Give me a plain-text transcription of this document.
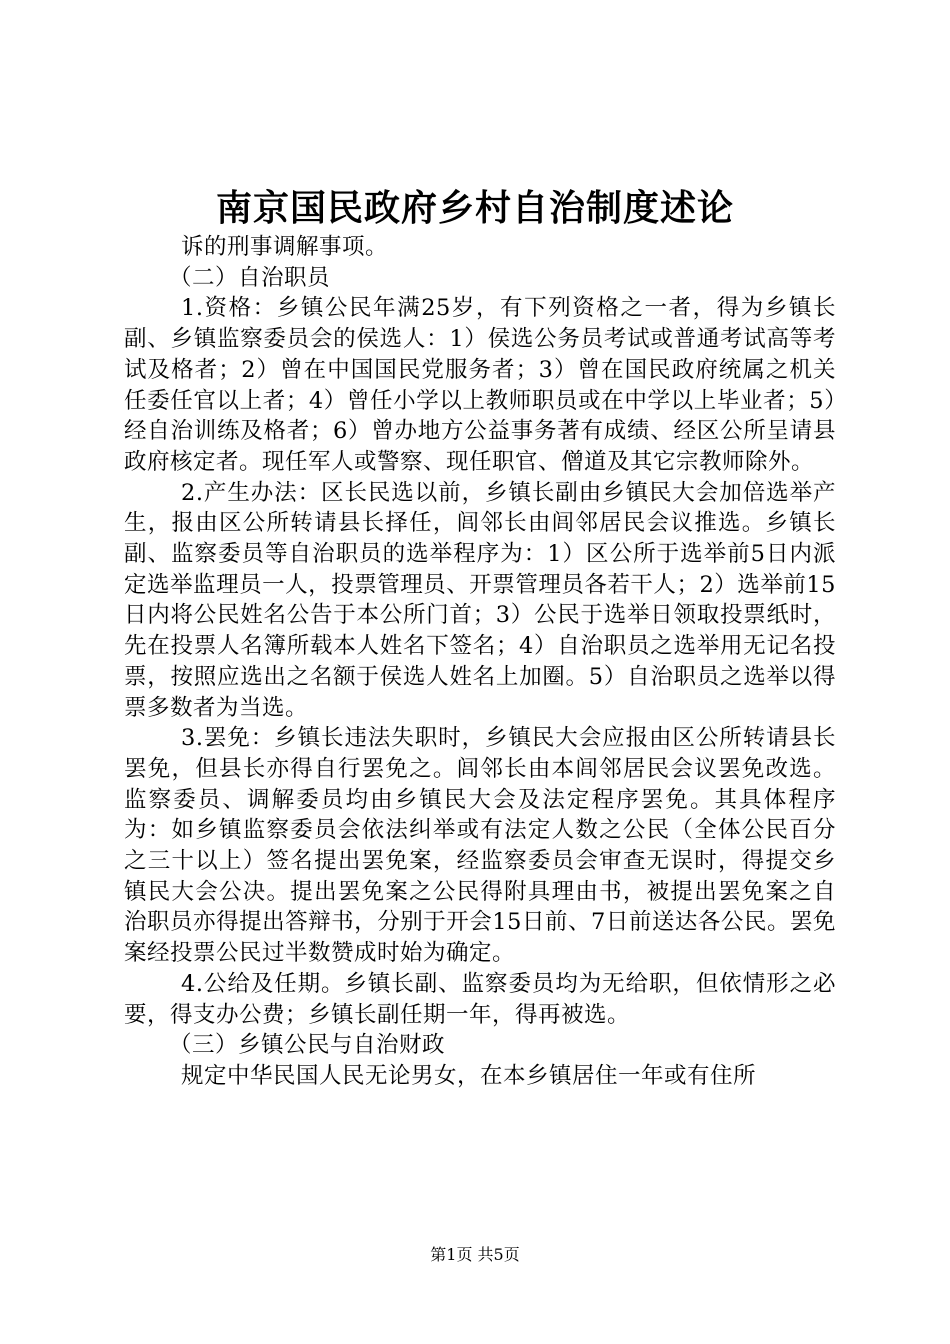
南京国民政府乡村自治制度述论

诉的刑事调解事项。

（二）自治职员

1.资格：乡镇公民年满25岁，有下列资格之一者，得为乡镇长副、乡镇监察委员会的侯选人：1）侯选公务员考试或普通考试高等考试及格者；2）曾在中国国民党服务者；3）曾在国民政府统属之机关任委任官以上者；4）曾任小学以上教师职员或在中学以上毕业者；5）经自治训练及格者；6）曾办地方公益事务著有成绩、经区公所呈请县政府核定者。现任军人或警察、现任职官、僧道及其它宗教师除外。

2.产生办法：区长民选以前，乡镇长副由乡镇民大会加倍选举产生，报由区公所转请县长择任，闾邻长由闾邻居民会议推选。乡镇长副、监察委员等自治职员的选举程序为：1）区公所于选举前5日内派定选举监理员一人，投票管理员、开票管理员各若干人；2）选举前15日内将公民姓名公告于本公所门首；3）公民于选举日领取投票纸时，先在投票人名簿所载本人姓名下签名；4）自治职员之选举用无记名投票，按照应选出之名额于侯选人姓名上加圈。5）自治职员之选举以得票多数者为当选。

3.罢免：乡镇长违法失职时，乡镇民大会应报由区公所转请县长罢免，但县长亦得自行罢免之。闾邻长由本闾邻居民会议罢免改选。监察委员、调解委员均由乡镇民大会及法定程序罢免。其具体程序为：如乡镇监察委员会依法纠举或有法定人数之公民（全体公民百分之三十以上）签名提出罢免案，经监察委员会审查无误时，得提交乡镇民大会公决。提出罢免案之公民得附具理由书，被提出罢免案之自治职员亦得提出答辩书，分别于开会15日前、7日前送达各公民。罢免案经投票公民过半数赞成时始为确定。

4.公给及任期。乡镇长副、监察委员均为无给职，但依情形之必要，得支办公费；乡镇长副任期一年，得再被选。

（三）乡镇公民与自治财政

规定中华民国人民无论男女，在本乡镇居住一年或有住所

第1页 共5页
